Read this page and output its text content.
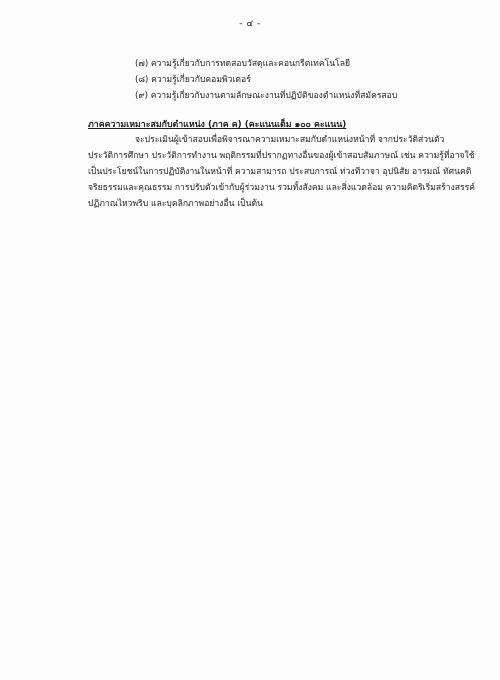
- ๔ -
(๗) ความรู้เกี่ยวกับการทดสอบวัสดุและคอนกรีตเทคโนโลยี
(๘) ความรู้เกี่ยวกับคอมพิวเตอร์
(๙) ความรู้เกี่ยวกับงานตามลักษณะงานที่ปฏิบัติของตำแหน่งที่สมัครสอบ
ภาคความเหมาะสมกับตำแหน่ง (ภาค ค) (คะแนนเต็ม ๑๐๐ คะแนน)
จะประเมินผู้เข้าสอบเพื่อพิจารณาความเหมาะสมกับตำแหน่งหน้าที่ จากประวัติส่วนตัว
ประวัติการศึกษา ประวัติการทำงาน พฤติกรรมที่ปรากฏทางอื่นของผู้เข้าสอบสัมภาษณ์ เช่น ความรู้ที่อาจใช้
เป็นประโยชน์ในการปฏิบัติงานในหน้าที่ ความสามารถ ประสบการณ์ ท่วงทีวาจา อุปนิสัย อารมณ์ ทัศนคติ
จริยธรรมและคุณธรรม การปรับตัวเข้ากับผู้ร่วมงาน รวมทั้งสังคม และสิ่งแวดล้อม ความคิดริเริ่มสร้างสรรค์
ปฏิภาณไหวพริบ และบุคลิกภาพอย่างอื่น เป็นต้น
